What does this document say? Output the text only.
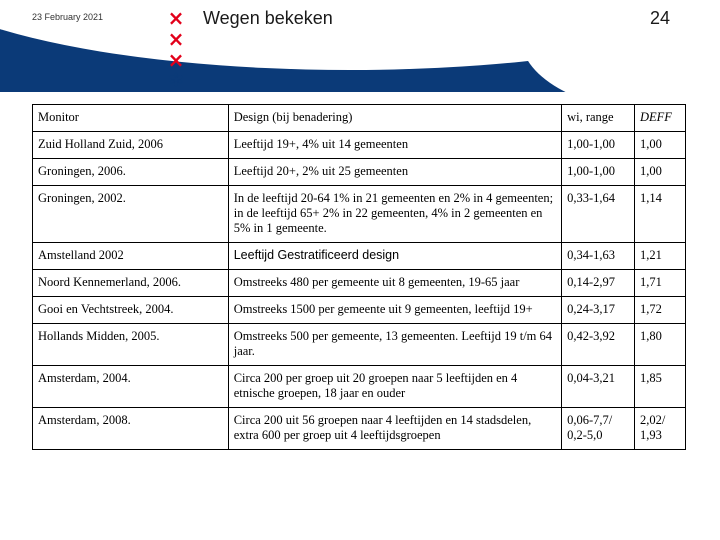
23 February 2021	×
×
×
✾
Wegen bekeken	24
Monitor	Design (bij benadering)	wi, range	DEFF
Zuid Holland Zuid, 2006	Leeftijd 19+, 4% uit 14 gemeenten	1,00-1,00	1,00
Groningen, 2006.	Leeftijd 20+, 2% uit 25 gemeenten	1,00-1,00	1,00
Groningen, 2002.	In de leeftijd 20-64 1% in 21 gemeenten en 2% in 4 gemeenten; in de leeftijd 65+ 2% in 22 gemeenten, 4% in 2 gemeenten en 5% in 1 gemeente.	0,33-1,64	1,14
Amstelland 2002	Leeftijd Gestratificeerd design	0,34-1,63	1,21
Noord Kennemerland, 2006.	Omstreeks 480 per gemeente uit 8 gemeenten, 19-65 jaar	0,14-2,97	1,71
Gooi en Vechtstreek, 2004.	Omstreeks 1500 per gemeente uit 9 gemeenten, leeftijd 19+	0,24-3,17	1,72
Hollands Midden, 2005.	Omstreeks 500 per gemeente, 13 gemeenten. Leeftijd 19 t/m 64 jaar.	0,42-3,92	1,80
Amsterdam, 2004.	Circa 200 per groep uit 20 groepen naar 5 leeftijden en 4 etnische groepen, 18 jaar en ouder	0,04-3,21	1,85
Amsterdam, 2008.	Circa 200 uit 56 groepen naar 4 leeftijden en 14 stadsdelen, extra 600 per groep uit 4 leeftijdsgroepen	0,06-7,7/ 0,2-5,0	2,02/ 1,93
